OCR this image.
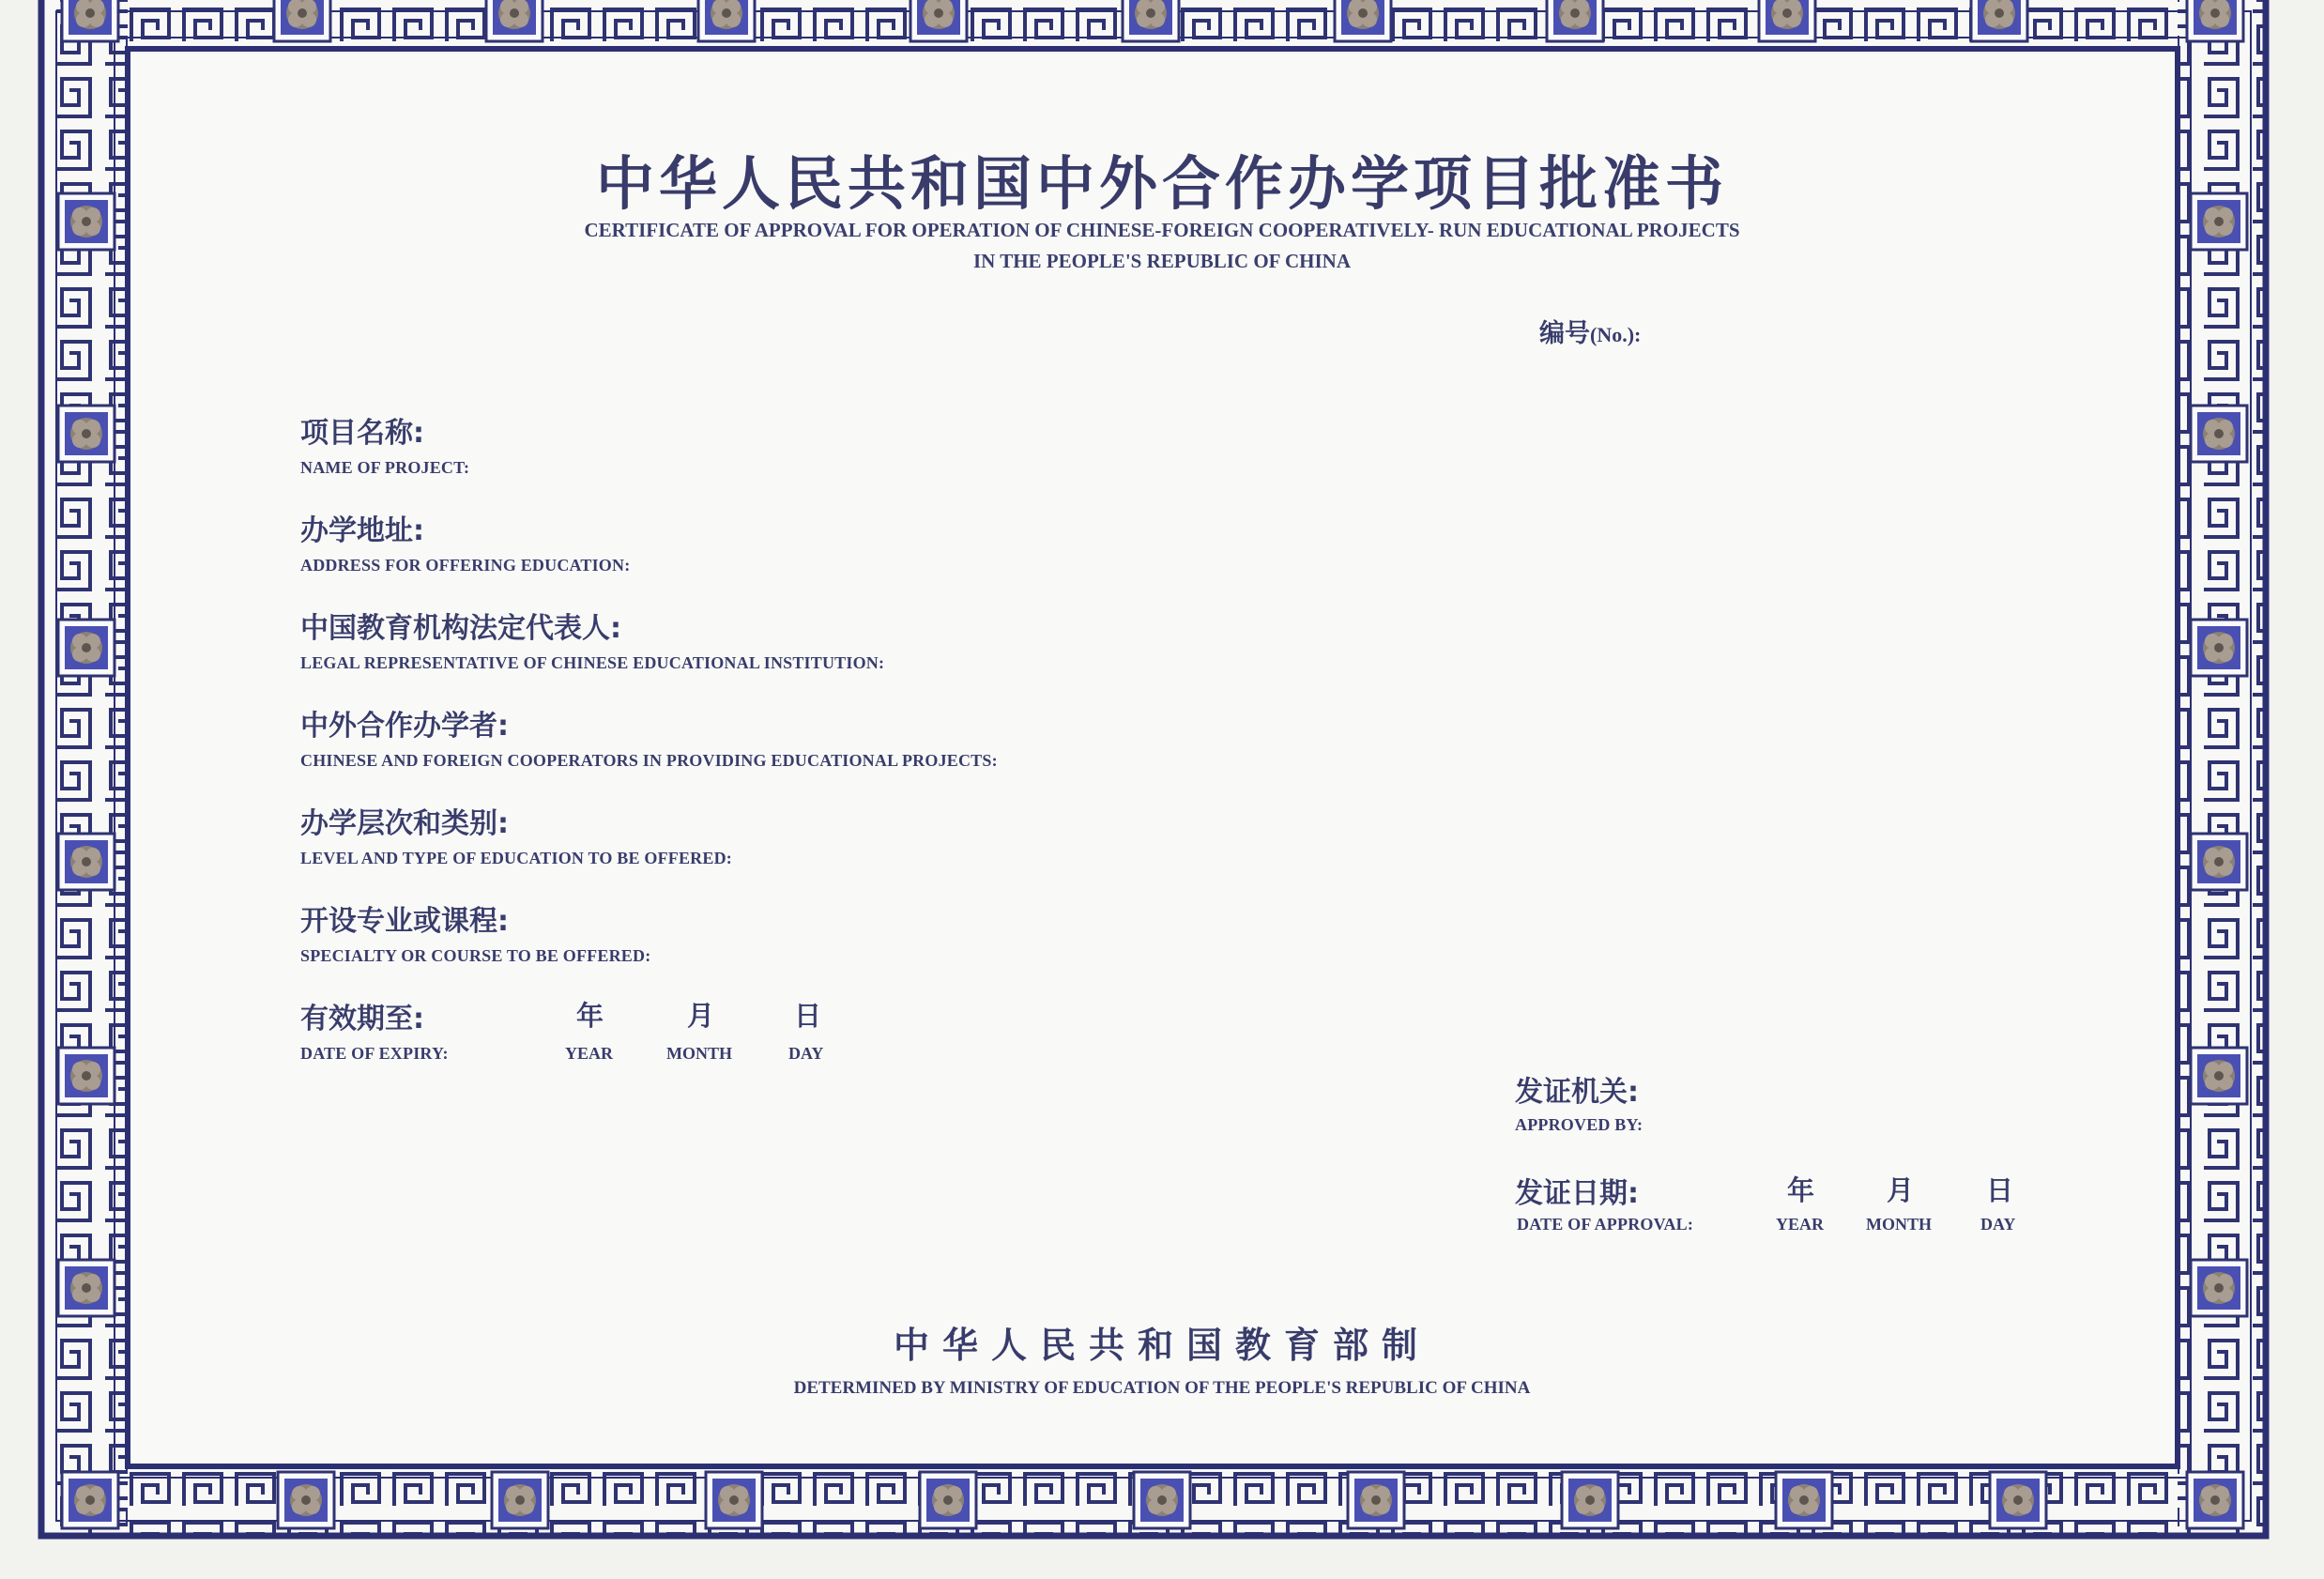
中华人民共和国中外合作办学项目批准书
CERTIFICATE OF APPROVAL FOR OPERATION OF CHINESE-FOREIGN COOPERATIVELY- RUN EDUCATIONAL PROJECTS
IN THE PEOPLE'S REPUBLIC OF CHINA
编号(No.):
项目名称:
NAME OF PROJECT:
办学地址:
ADDRESS FOR OFFERING EDUCATION:
中国教育机构法定代表人:
LEGAL REPRESENTATIVE OF CHINESE EDUCATIONAL INSTITUTION:
中外合作办学者:
CHINESE AND FOREIGN COOPERATORS IN PROVIDING EDUCATIONAL PROJECTS:
办学层次和类别:
LEVEL AND TYPE OF EDUCATION TO BE OFFERED:
开设专业或课程:
SPECIALTY OR COURSE TO BE OFFERED:
有效期至:
DATE OF EXPIRY:
年
YEAR
月
MONTH
日
DAY
发证机关:
APPROVED BY:
发证日期:
DATE OF APPROVAL:
年
YEAR
月
MONTH
日
DAY
中华人民共和国教育部制
DETERMINED BY MINISTRY OF EDUCATION OF THE PEOPLE'S REPUBLIC OF CHINA
